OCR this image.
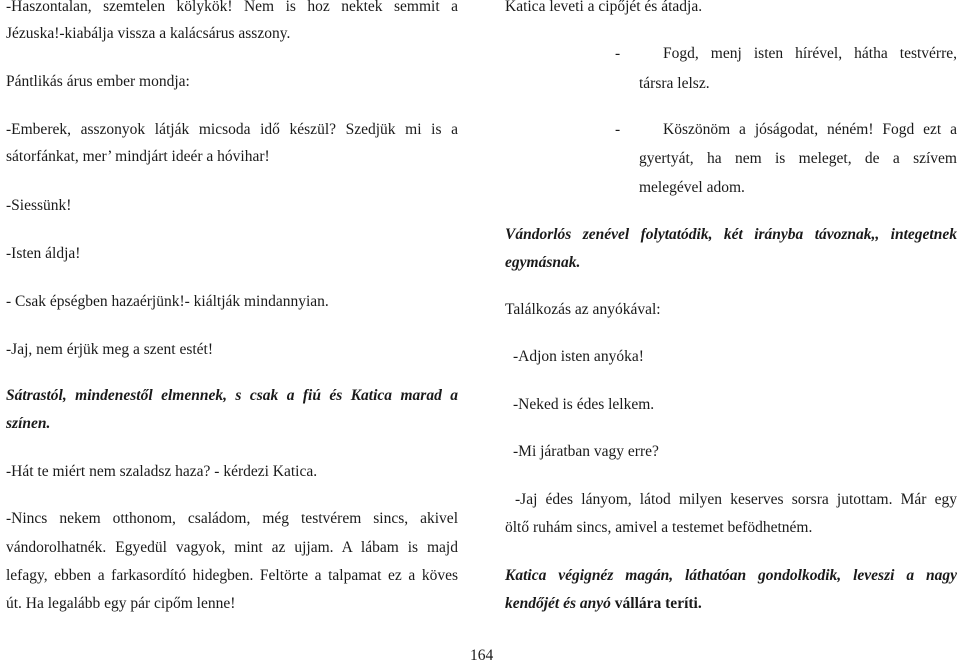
-Haszontalan, szemtelen kölykök! Nem is hoz nektek semmit a
Jézuska!-kiabálja vissza a kalácsárus asszony.
Pántlikás árus ember mondja:
-Emberek, asszonyok látják micsoda idő készül? Szedjük mi is a
sátorfánkat, mer’ mindjárt ideér a hóvihar!
-Siessünk!
-Isten áldja!
- Csak épségben hazaérjünk!- kiáltják mindannyian.
-Jaj, nem érjük meg a szent estét!
Sátrastól, mindenestől elmennek, s csak a fiú és Katica marad a
színen.
-Hát te miért nem szaladsz haza? - kérdezi Katica.
-Nincs nekem otthonom, családom, még testvérem sincs, akivel
vándorolhatnék. Egyedül vagyok, mint az ujjam. A lábam is majd
lefagy, ebben a farkasordító hidegben. Feltörte a talpamat ez a köves
út. Ha legalább egy pár cipőm lenne!
Katica leveti a cipőjét és átadja.
-	Fogd, menj isten hírével, hátha testvérre,
társra lelsz.
-	Köszönöm a jóságodat, néném! Fogd ezt a
gyertyát, ha nem is meleget, de a szívem
melegével adom.
Vándorlós zenével folytatódik, két irányba távoznak,, integetnek
egymásnak.
Találkozás az anyókával:
-Adjon isten anyóka!
-Neked is édes lelkem.
-Mi járatban vagy erre?
-Jaj édes lányom, látod milyen keserves sorsra jutottam. Már egy
öltő ruhám sincs, amivel a testemet befödhetném.
Katica végignéz magán, láthatóan gondolkodik, leveszi a nagy
kendőjét és anyó vállára teríti.
164
